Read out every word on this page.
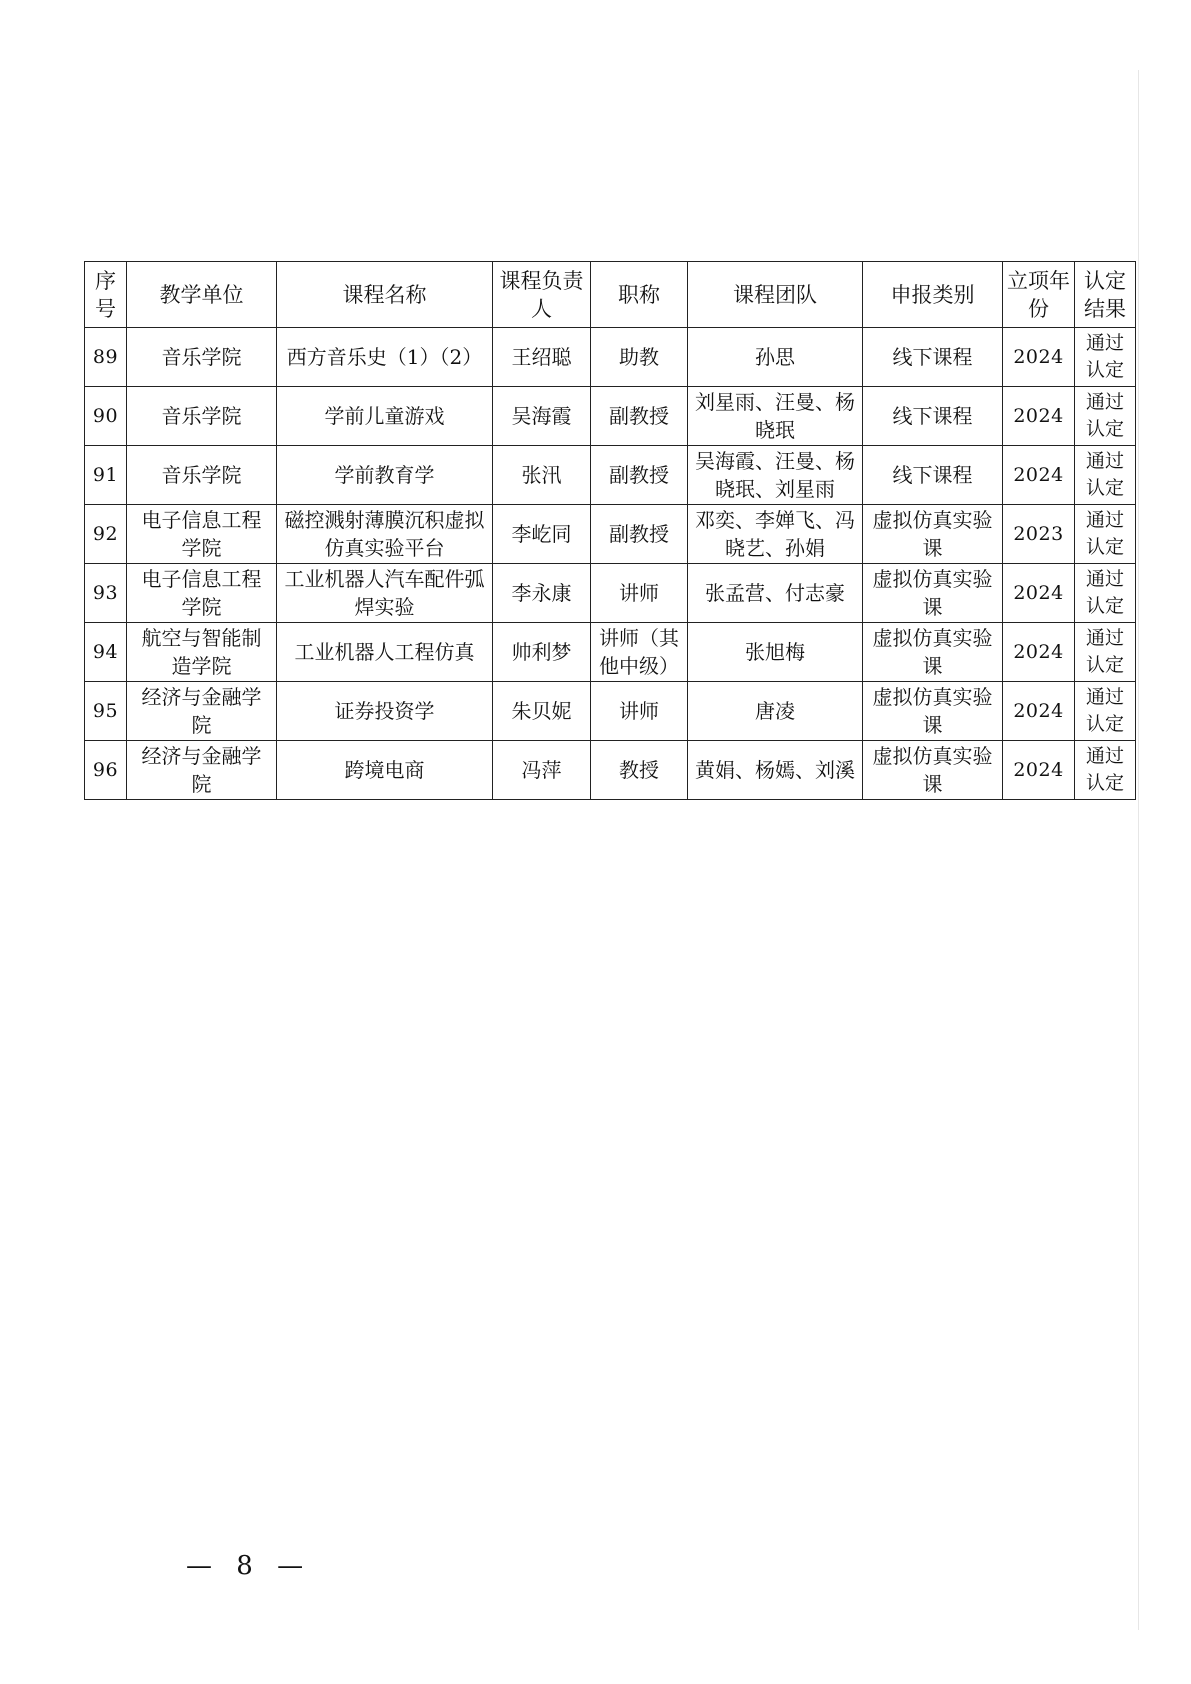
序号	教学单位	课程名称	课程负责人	职称	课程团队	申报类别	立项年份	认定结果
89	音乐学院	西方音乐史（1）（2）	王绍聪	助教	孙思	线下课程	2024	通过认定
90	音乐学院	学前儿童游戏	吴海霞	副教授	刘星雨、汪曼、杨晓珉	线下课程	2024	通过认定
91	音乐学院	学前教育学	张汛	副教授	吴海霞、汪曼、杨晓珉、刘星雨	线下课程	2024	通过认定
92	电子信息工程学院	磁控溅射薄膜沉积虚拟仿真实验平台	李屹同	副教授	邓奕、李婵飞、冯晓艺、孙娟	虚拟仿真实验课	2023	通过认定
93	电子信息工程学院	工业机器人汽车配件弧焊实验	李永康	讲师	张孟营、付志豪	虚拟仿真实验课	2024	通过认定
94	航空与智能制造学院	工业机器人工程仿真	帅利梦	讲师（其他中级）	张旭梅	虚拟仿真实验课	2024	通过认定
95	经济与金融学院	证券投资学	朱贝妮	讲师	唐凌	虚拟仿真实验课	2024	通过认定
96	经济与金融学院	跨境电商	冯萍	教授	黄娟、杨嫣、刘溪	虚拟仿真实验课	2024	通过认定
— 8 —
